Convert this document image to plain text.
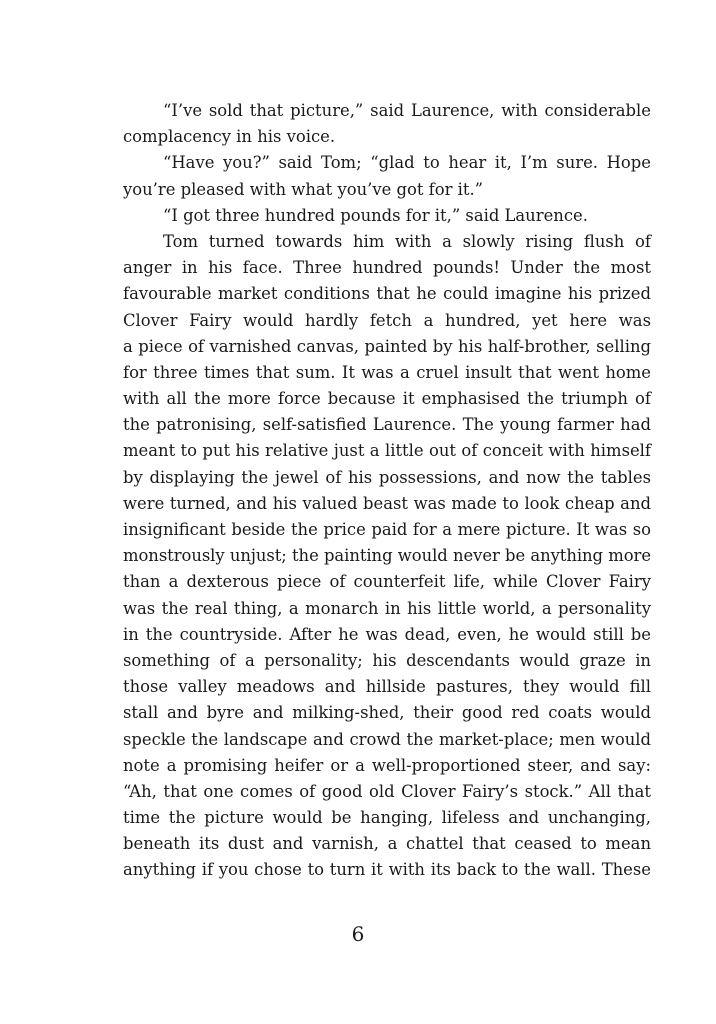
“I’ve sold that picture,” said Laurence, with considerable
complacency in his voice.
“Have you?” said Tom; “glad to hear it, I’m sure. Hope
you’re pleased with what you’ve got for it.”
“I got three hundred pounds for it,” said Laurence.
Tom turned towards him with a slowly rising flush of
anger in his face. Three hundred pounds! Under the most
favourable market conditions that he could imagine his prized
Clover Fairy would hardly fetch a hundred, yet here was
a piece of varnished canvas, painted by his half-brother, selling
for three times that sum. It was a cruel insult that went home
with all the more force because it emphasised the triumph of
the patronising, self-satisfied Laurence. The young farmer had
meant to put his relative just a little out of conceit with himself
by displaying the jewel of his possessions, and now the tables
were turned, and his valued beast was made to look cheap and
insignificant beside the price paid for a mere picture. It was so
monstrously unjust; the painting would never be anything more
than a dexterous piece of counterfeit life, while Clover Fairy
was the real thing, a monarch in his little world, a personality
in the countryside. After he was dead, even, he would still be
something of a personality; his descendants would graze in
those valley meadows and hillside pastures, they would fill
stall and byre and milking-shed, their good red coats would
speckle the landscape and crowd the market-place; men would
note a promising heifer or a well-proportioned steer, and say:
“Ah, that one comes of good old Clover Fairy’s stock.” All that
time the picture would be hanging, lifeless and unchanging,
beneath its dust and varnish, a chattel that ceased to mean
anything if you chose to turn it with its back to the wall. These
6
